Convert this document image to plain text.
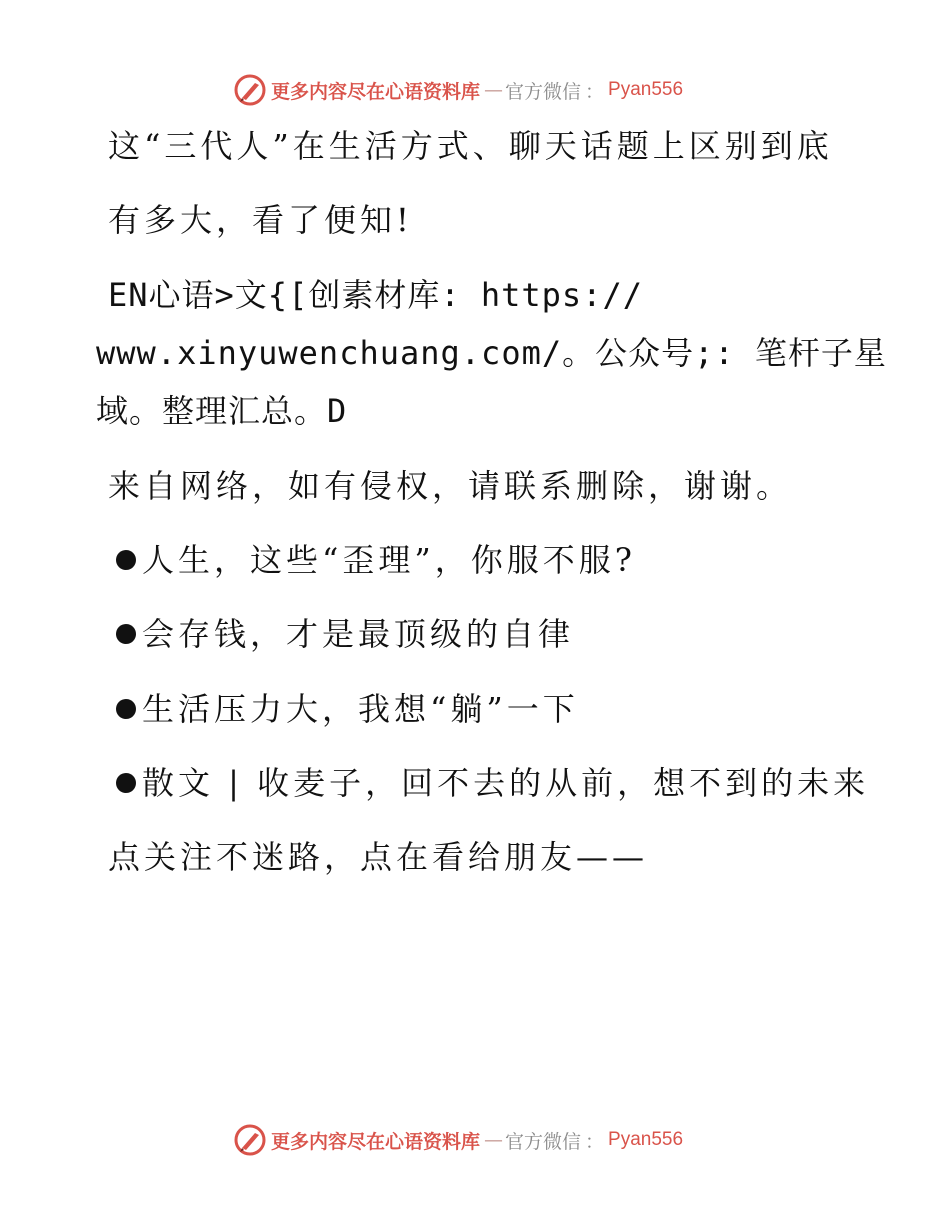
更多内容尽在心语资料库 — 官方微信 ： Pyan556
这“三代人”在生活方式、聊天话题上区别到底
有多大，看了便知!
EN心语>文{[创素材库: https://
www.xinyuwenchuang.com/。公众号;: 笔杆子星
域。整理汇总。D
来自网络，如有侵权，请联系删除，谢谢。
人生，这些“歪理”，你服不服?
会存钱，才是最顶级的自律
生活压力大，我想“躺”一下
散文 | 收麦子，回不去的从前，想不到的未来
点关注不迷路，点在看给朋友——
更多内容尽在心语资料库 — 官方微信 ： Pyan556
